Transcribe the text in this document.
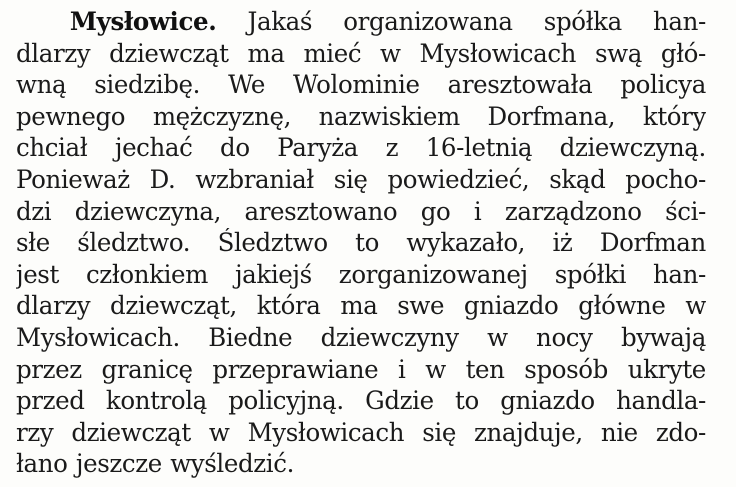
Mysłowice. Jakaś organizowana spółka han-
dlarzy dziewcząt ma mieć w Mysłowicach swą głó-
wną siedzibę. We Wolominie aresztowała policya
pewnego mężczyznę, nazwiskiem Dorfmana, który
chciał jechać do Paryża z 16-letnią dziewczyną.
Ponieważ D. wzbraniał się powiedzieć, skąd pocho-
dzi dziewczyna, aresztowano go i zarządzono ści-
słe śledztwo. Śledztwo to wykazało, iż Dorfman
jest członkiem jakiejś zorganizowanej spółki han-
dlarzy dziewcząt, która ma swe gniazdo główne w
Mysłowicach. Biedne dziewczyny w nocy bywają
przez granicę przeprawiane i w ten sposób ukryte
przed kontrolą policyjną. Gdzie to gniazdo handla-
rzy dziewcząt w Mysłowicach się znajduje, nie zdo-
łano jeszcze wyśledzić.
